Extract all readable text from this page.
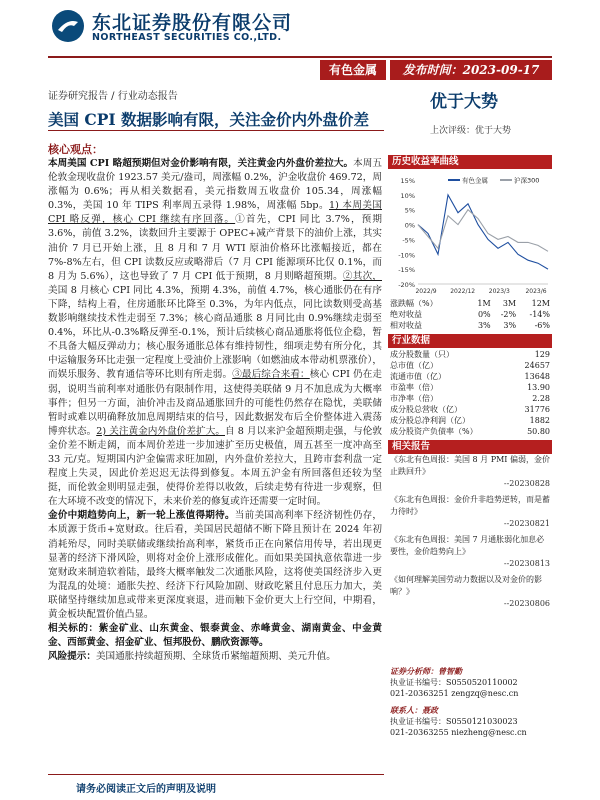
东北证券股份有限公司
NORTHEAST SECURITIES CO.,LTD.
有色金属	发布时间：2023-09-17
证券研究报告 / 行业动态报告
美国 CPI 数据影响有限，关注金价内外盘价差
优于大势
上次评级：优于大势
核心观点：

本周美国 CPI 略超预期但对金价影响有限，关注黄金内外盘价差拉大。本周五伦敦金现收盘价 1923.57 美元/盎司，周涨幅 0.2%，沪金收盘价 469.72，周涨幅为 0.6%；再从相关数据看，美元指数周五收盘价 105.34，周涨幅 0.3%，美国 10 年 TIPS 利率周五录得 1.98%，周涨幅 5bp。1) 本周美国 CPI 略反弹，核心 CPI 继续有序回落。①首先，CPI 同比 3.7%，预期 3.6%，前值 3.2%，读数回升主要源于 OPEC+减产背景下的油价上涨，其实油价 7 月已开始上涨，且 8 月和 7 月 WTI 原油价格环比涨幅接近，都在 7%-8%左右，但 CPI 读数反应或略滞后（7 月 CPI 能源项环比仅 0.1%，而 8 月为 5.6%），这也导致了 7 月 CPI 低于预期，8 月则略超预期。②其次，美国 8 月核心 CPI 同比 4.3%，预期 4.3%，前值 4.7%，核心通胀仍在有序下降，结构上看，住房通胀环比降至 0.3%，为年内低点，同比读数则受高基数影响继续技术性走弱至 7.3%；核心商品通胀 8 月同比由 0.9%继续走弱至 0.4%，环比从-0.3%略反弹至-0.1%，预计后续核心商品通胀将低位企稳，暂不具备大幅反弹动力；核心服务通胀总体有维持韧性，细项走势有所分化，其中运输服务环比走强一定程度上受油价上涨影响（如燃油成本带动机票涨价），而娱乐服务、教育通信等环比则有所走弱。③最后综合来看：核心 CPI 仍在走弱，说明当前利率对通胀仍有限制作用，这使得美联储 9 月不加息成为大概率事件；但另一方面，油价冲击及商品通胀回升的可能性仍然存在隐忧，美联储暂时或难以明确释放加息周期结束的信号，因此数据发布后全价整体进入震荡博弈状态。2) 关注黄金内外盘价差扩大。自 8 月以来沪金超预期走强，与伦敦金价差不断走阔，而本周价差进一步加速扩至历史极值，周五甚至一度冲高至 33 元/克。短期国内沪金偏需求旺加剧，内外盘价差拉大，且跨市套利盘一定程度上失灵，因此价差迟迟无法得到修复。本周五沪金有所回落但还较为坚挺，而伦敦金则明显走强，使得价差得以收敛，后续走势有待进一步观察，但在大环境不改变的情况下，未来价差的修复或许还需要一定时间。

金价中期趋势向上，新一轮上涨值得期待。当前美国高利率下经济韧性仍存，本质源于货币+宽财政。往后看，美国居民超储不断下降且预计在 2024 年初消耗殆尽，同时美联储或继续抬高利率，紧货币正在向紧信用传导，若出现更显著的经济下滑风险，则将对金价上涨形成催化。而如果美国执意依靠进一步宽财政来制造软着陆，最终大概率触发二次通胀风险，这将使美国经济步入更为混乱的处境：通胀失控、经济下行风险加剧、财政吃紧且付息压力加大，美联储坚持继续加息或带来更深度衰退，进而触下金价更大上行空间，中期看，黄金板块配置价值凸显。

相关标的：紫金矿业、山东黄金、银泰黄金、赤峰黄金、湖南黄金、中金黄金、西部黄金、招金矿业、恒邦股份、鹏欣资源等。

风险提示：美国通胀持续超预期、全球货币紧缩超预期、美元升值。

请务必阅读正文后的声明及说明
历史收益率曲线
15%
10%
5%
0%
-5%
-10%
-15%
-20%
2022/9 2022/12 2023/3	2023/6
有色金属	沪深300
涨跌幅（%）	1M	3M	12M
绝对收益	0%	-2%	-14%
相对收益	3%	3%	-6%
行业数据
成分股数量（只）	129
总市值（亿）	24657
流通市值（亿）	13648
市盈率（倍）	13.90
市净率（倍）	2.28
成分股总营收（亿）	31776
成分股总净利润（亿）	1882
成分股资产负债率（%）	50.80
相关报告
《东北有色周报：美国 8 月 PMI 偏弱，金价止跌回升》
--20230828
《东北有色周报：金价升非趋势逆转，而是蓄力待时》
--20230821
《东北有色周报：美国 7 月通胀弱化加息必要性，金价趋势向上》
--20230813
《如何理解美国劳动力数据以及对金价的影响？》
--20230806
证券分析师：曾智勤
执业证书编号：S0550520110002
021-20363251 zengzq@nesc.cn
联系人：聂政
执业证书编号：S0550121030023
021-20363255 niezheng@nesc.cn
